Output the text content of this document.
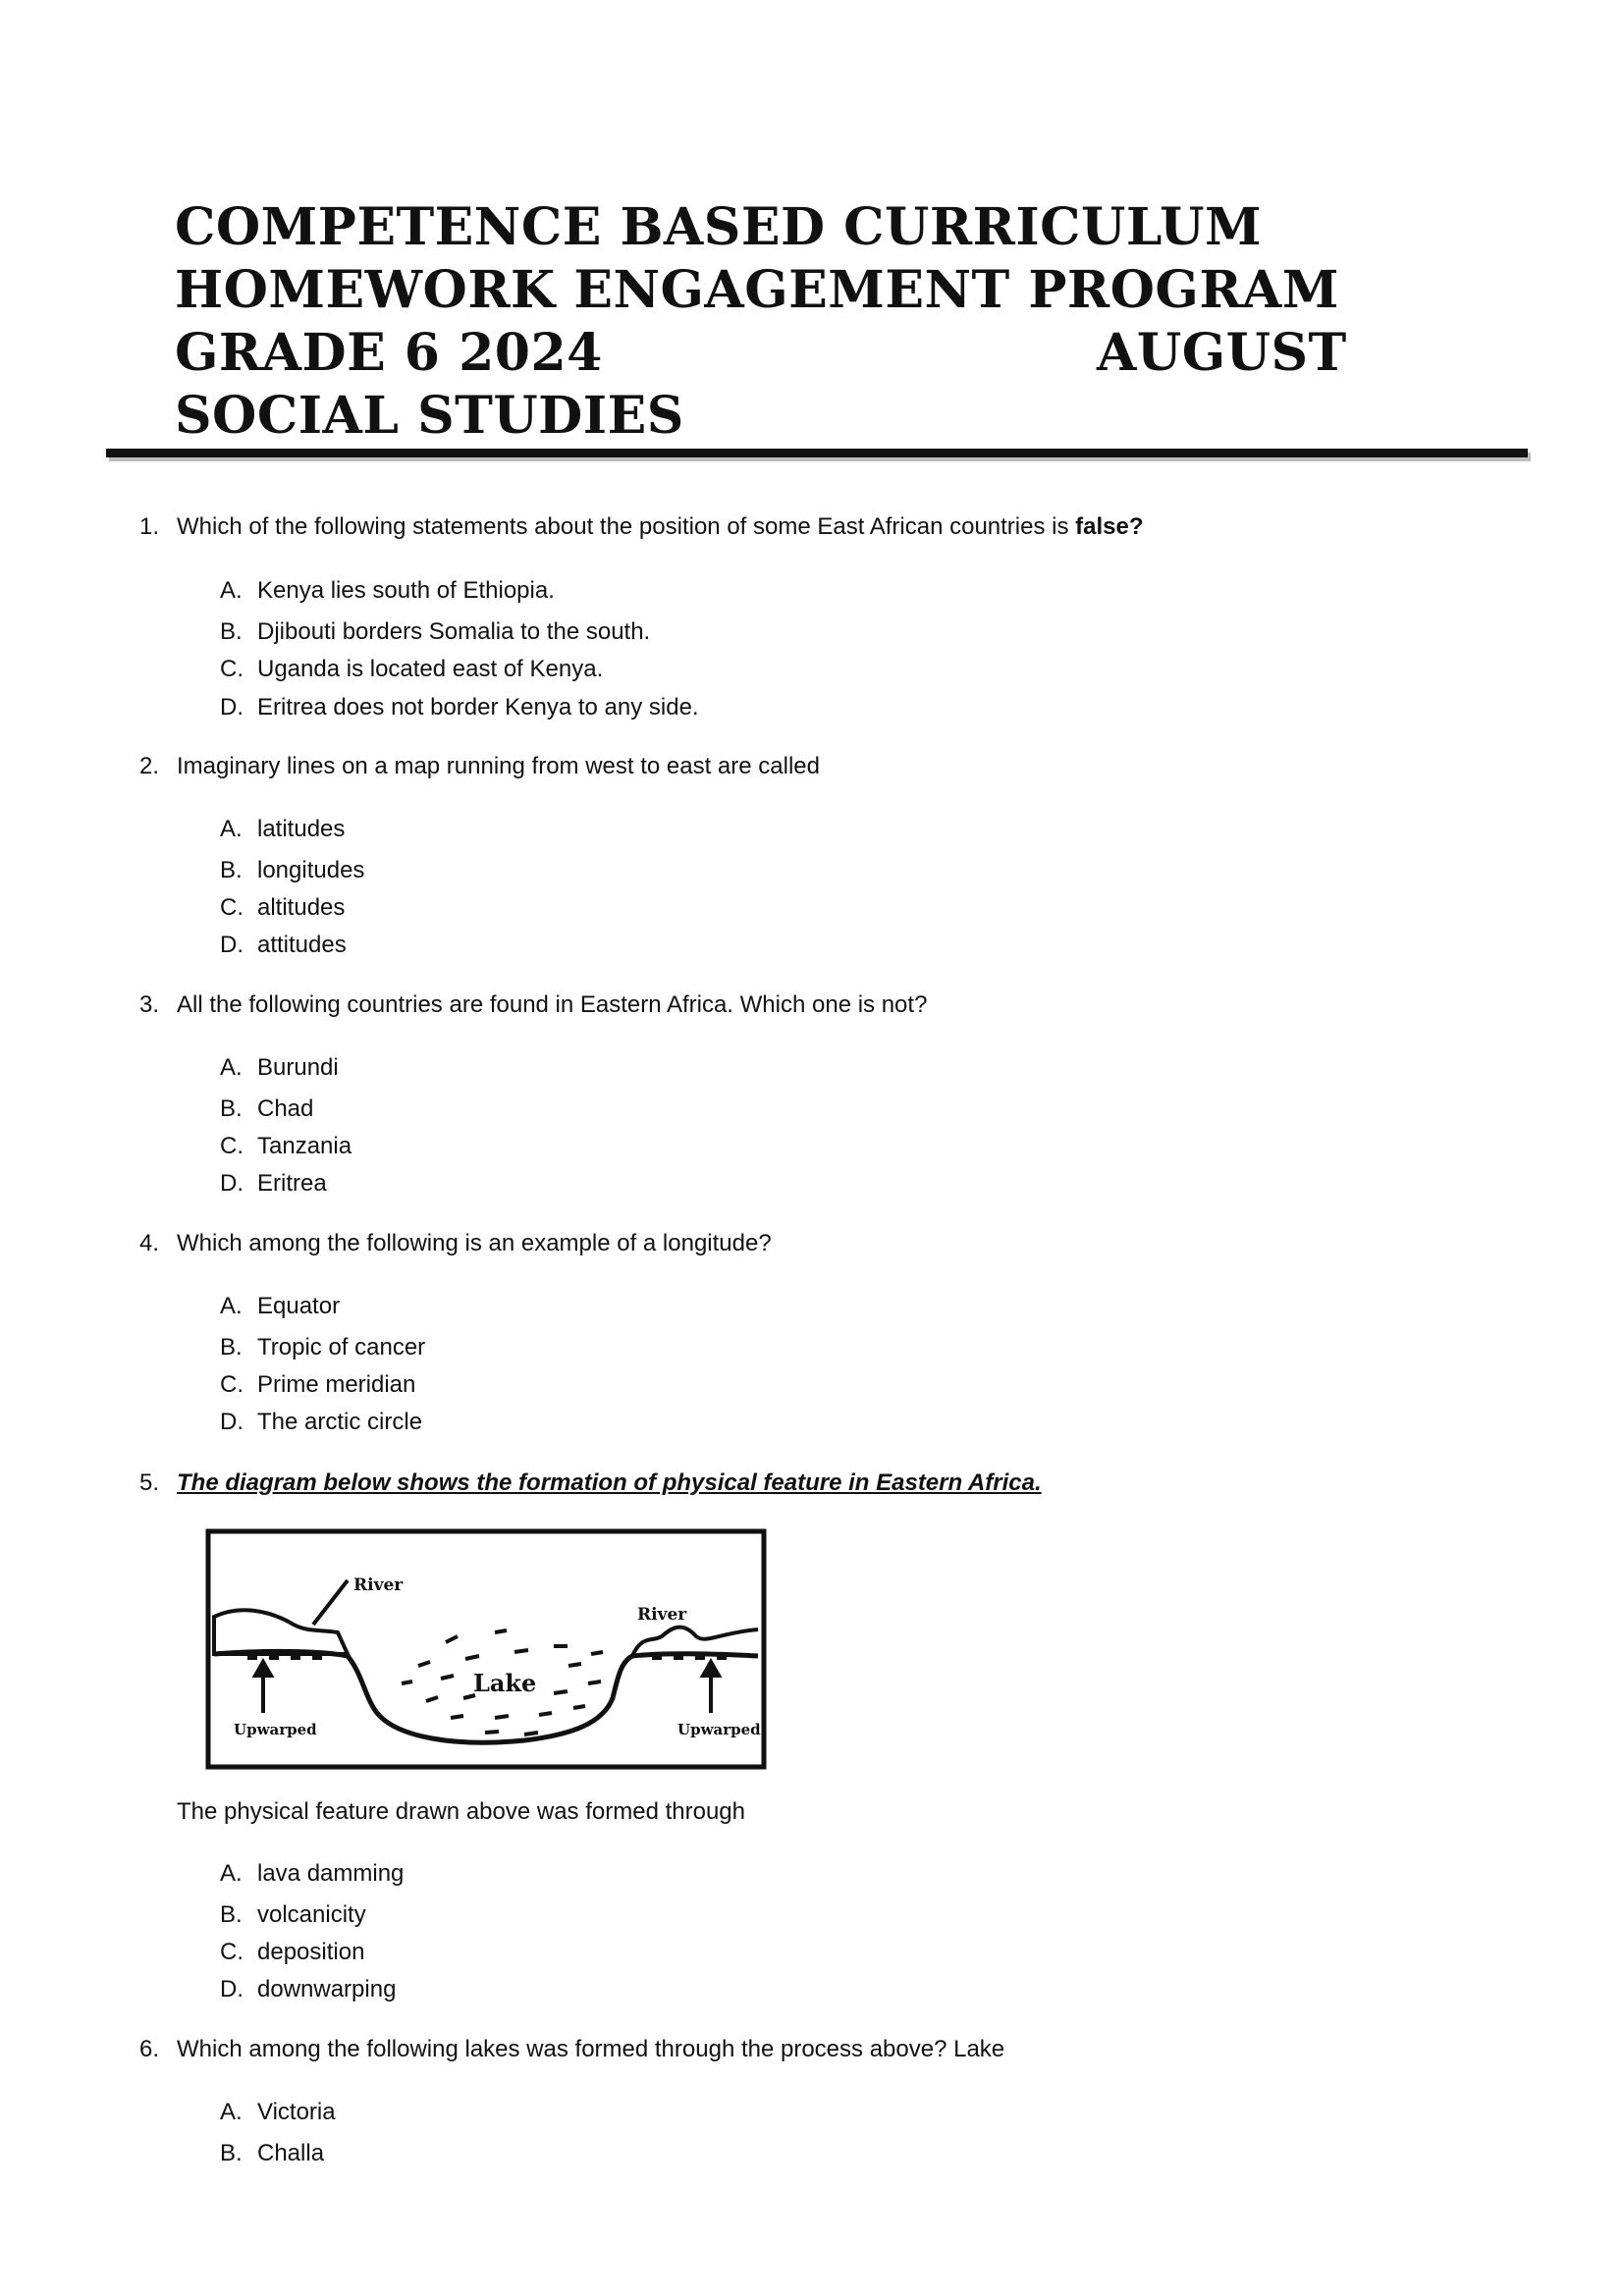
COMPETENCE BASED CURRICULUM
HOMEWORK ENGAGEMENT PROGRAM
GRADE 6 2024	AUGUST
SOCIAL STUDIES
1. Which of the following statements about the position of some East African countries is false?
A. Kenya lies south of Ethiopia.
B. Djibouti borders Somalia to the south.
C. Uganda is located east of Kenya.
D. Eritrea does not border Kenya to any side.
2. Imaginary lines on a map running from west to east are called
A. latitudes
B. longitudes
C. altitudes
D. attitudes
3. All the following countries are found in Eastern Africa. Which one is not?
A. Burundi
B. Chad
C. Tanzania
D. Eritrea
4. Which among the following is an example of a longitude?
A. Equator
B. Tropic of cancer
C. Prime meridian
D. The arctic circle
5. The diagram below shows the formation of physical feature in Eastern Africa.
River
River
Lake
Upwarped	Upwarped
The physical feature drawn above was formed through
A. lava damming
B. volcanicity
C. deposition
D. downwarping
6. Which among the following lakes was formed through the process above? Lake
A. Victoria
B. Challa
